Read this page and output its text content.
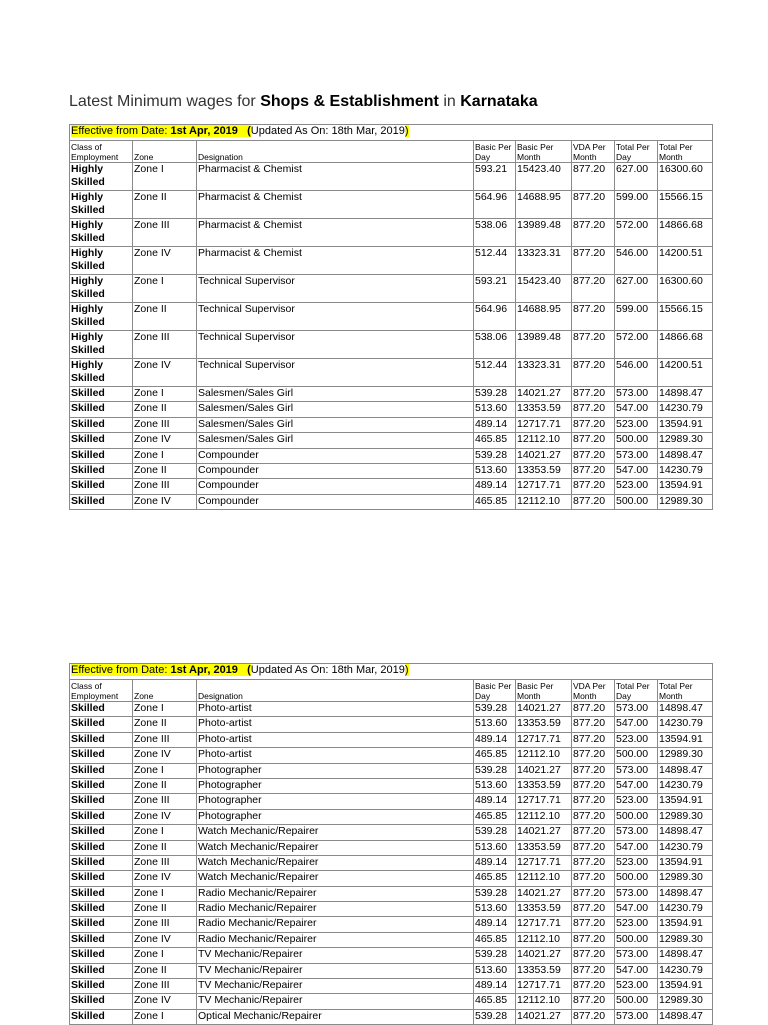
Latest Minimum wages for Shops & Establishment in Karnataka
Effective from Date: 1st Apr, 2019 (Updated As On: 18th Mar, 2019)							
Class of Employment	Zone	Designation	Basic Per Day	Basic Per Month	VDA Per Month	Total Per Day	Total Per Month
Highly Skilled	Zone I	Pharmacist & Chemist	593.21	15423.40	877.20	627.00	16300.60
Highly Skilled	Zone II	Pharmacist & Chemist	564.96	14688.95	877.20	599.00	15566.15
Highly Skilled	Zone III	Pharmacist & Chemist	538.06	13989.48	877.20	572.00	14866.68
Highly Skilled	Zone IV	Pharmacist & Chemist	512.44	13323.31	877.20	546.00	14200.51
Highly Skilled	Zone I	Technical Supervisor	593.21	15423.40	877.20	627.00	16300.60
Highly Skilled	Zone II	Technical Supervisor	564.96	14688.95	877.20	599.00	15566.15
Highly Skilled	Zone III	Technical Supervisor	538.06	13989.48	877.20	572.00	14866.68
Highly Skilled	Zone IV	Technical Supervisor	512.44	13323.31	877.20	546.00	14200.51
Skilled	Zone I	Salesmen/Sales Girl	539.28	14021.27	877.20	573.00	14898.47
Skilled	Zone II	Salesmen/Sales Girl	513.60	13353.59	877.20	547.00	14230.79
Skilled	Zone III	Salesmen/Sales Girl	489.14	12717.71	877.20	523.00	13594.91
Skilled	Zone IV	Salesmen/Sales Girl	465.85	12112.10	877.20	500.00	12989.30
Skilled	Zone I	Compounder	539.28	14021.27	877.20	573.00	14898.47
Skilled	Zone II	Compounder	513.60	13353.59	877.20	547.00	14230.79
Skilled	Zone III	Compounder	489.14	12717.71	877.20	523.00	13594.91
Skilled	Zone IV	Compounder	465.85	12112.10	877.20	500.00	12989.30
Effective from Date: 1st Apr, 2019 (Updated As On: 18th Mar, 2019)							
Class of Employment	Zone	Designation	Basic Per Day	Basic Per Month	VDA Per Month	Total Per Day	Total Per Month
Skilled	Zone I	Photo-artist	539.28	14021.27	877.20	573.00	14898.47
Skilled	Zone II	Photo-artist	513.60	13353.59	877.20	547.00	14230.79
Skilled	Zone III	Photo-artist	489.14	12717.71	877.20	523.00	13594.91
Skilled	Zone IV	Photo-artist	465.85	12112.10	877.20	500.00	12989.30
Skilled	Zone I	Photographer	539.28	14021.27	877.20	573.00	14898.47
Skilled	Zone II	Photographer	513.60	13353.59	877.20	547.00	14230.79
Skilled	Zone III	Photographer	489.14	12717.71	877.20	523.00	13594.91
Skilled	Zone IV	Photographer	465.85	12112.10	877.20	500.00	12989.30
Skilled	Zone I	Watch Mechanic/Repairer	539.28	14021.27	877.20	573.00	14898.47
Skilled	Zone II	Watch Mechanic/Repairer	513.60	13353.59	877.20	547.00	14230.79
Skilled	Zone III	Watch Mechanic/Repairer	489.14	12717.71	877.20	523.00	13594.91
Skilled	Zone IV	Watch Mechanic/Repairer	465.85	12112.10	877.20	500.00	12989.30
Skilled	Zone I	Radio Mechanic/Repairer	539.28	14021.27	877.20	573.00	14898.47
Skilled	Zone II	Radio Mechanic/Repairer	513.60	13353.59	877.20	547.00	14230.79
Skilled	Zone III	Radio Mechanic/Repairer	489.14	12717.71	877.20	523.00	13594.91
Skilled	Zone IV	Radio Mechanic/Repairer	465.85	12112.10	877.20	500.00	12989.30
Skilled	Zone I	TV Mechanic/Repairer	539.28	14021.27	877.20	573.00	14898.47
Skilled	Zone II	TV Mechanic/Repairer	513.60	13353.59	877.20	547.00	14230.79
Skilled	Zone III	TV Mechanic/Repairer	489.14	12717.71	877.20	523.00	13594.91
Skilled	Zone IV	TV Mechanic/Repairer	465.85	12112.10	877.20	500.00	12989.30
Skilled	Zone I	Optical Mechanic/Repairer	539.28	14021.27	877.20	573.00	14898.47
